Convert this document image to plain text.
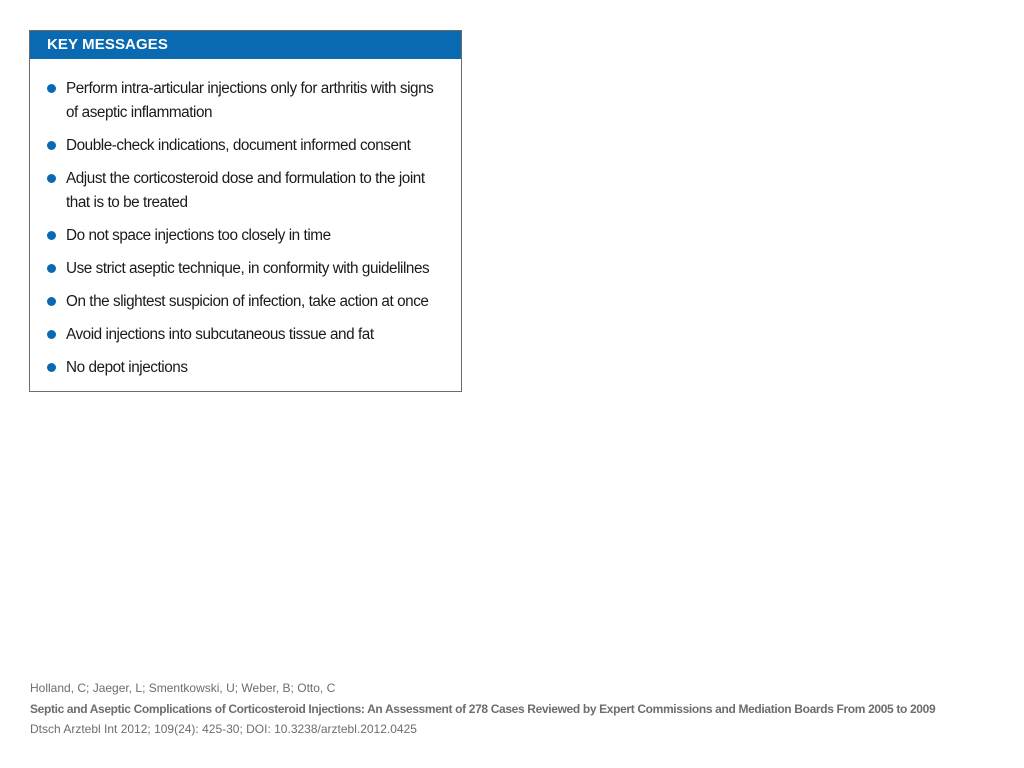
KEY MESSAGES
Perform intra-articular injections only for arthritis with signs of aseptic inflammation
Double-check indications, document informed consent
Adjust the corticosteroid dose and formulation to the joint that is to be treated
Do not space injections too closely in time
Use strict aseptic technique, in conformity with guidelilnes
On the slightest suspicion of infection, take action at once
Avoid injections into subcutaneous tissue and fat
No depot injections
Holland, C; Jaeger, L; Smentkowski, U; Weber, B; Otto, C
Septic and Aseptic Complications of Corticosteroid Injections: An Assessment of 278 Cases Reviewed by Expert Commissions and Mediation Boards From 2005 to 2009
Dtsch Arztebl Int 2012; 109(24): 425-30; DOI: 10.3238/arztebl.2012.0425
